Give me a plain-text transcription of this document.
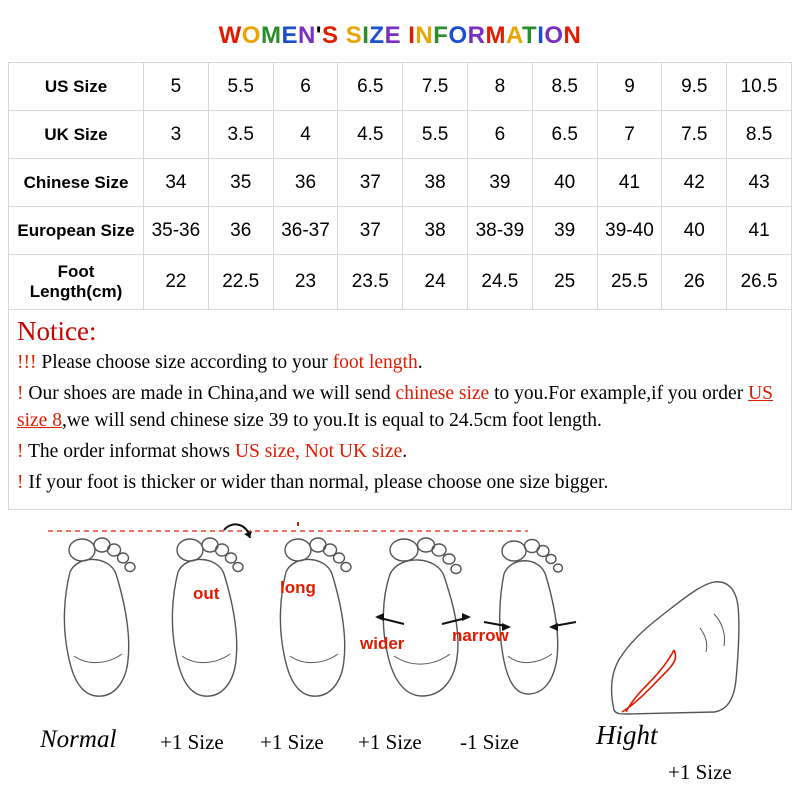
WOMEN'S SIZE INFORMATION
US Size	5	5.5	6	6.5	7.5	8	8.5	9	9.5	10.5
UK Size	3	3.5	4	4.5	5.5	6	6.5	7	7.5	8.5
Chinese Size	34	35	36	37	38	39	40	41	42	43
European Size	35-36	36	36-37	37	38	38-39	39	39-40	40	41

Foot
Length(cm)	22	22.5	23	23.5	24	24.5	25	25.5	26	26.5
Notice:

!!! Please choose size according to your foot length.

! Our shoes are made in China,and we will send chinese size to you.For example,if you order US size 8,we will send chinese size 39 to you.It is equal to 24.5cm foot length.

! The order informat shows US size, Not UK size.

! If your foot is thicker or wider than normal, please choose one size bigger.

out	long
wider	narrow
Normal +1 Size +1 Size +1 Size -1 Size	Hight
+1 Size
